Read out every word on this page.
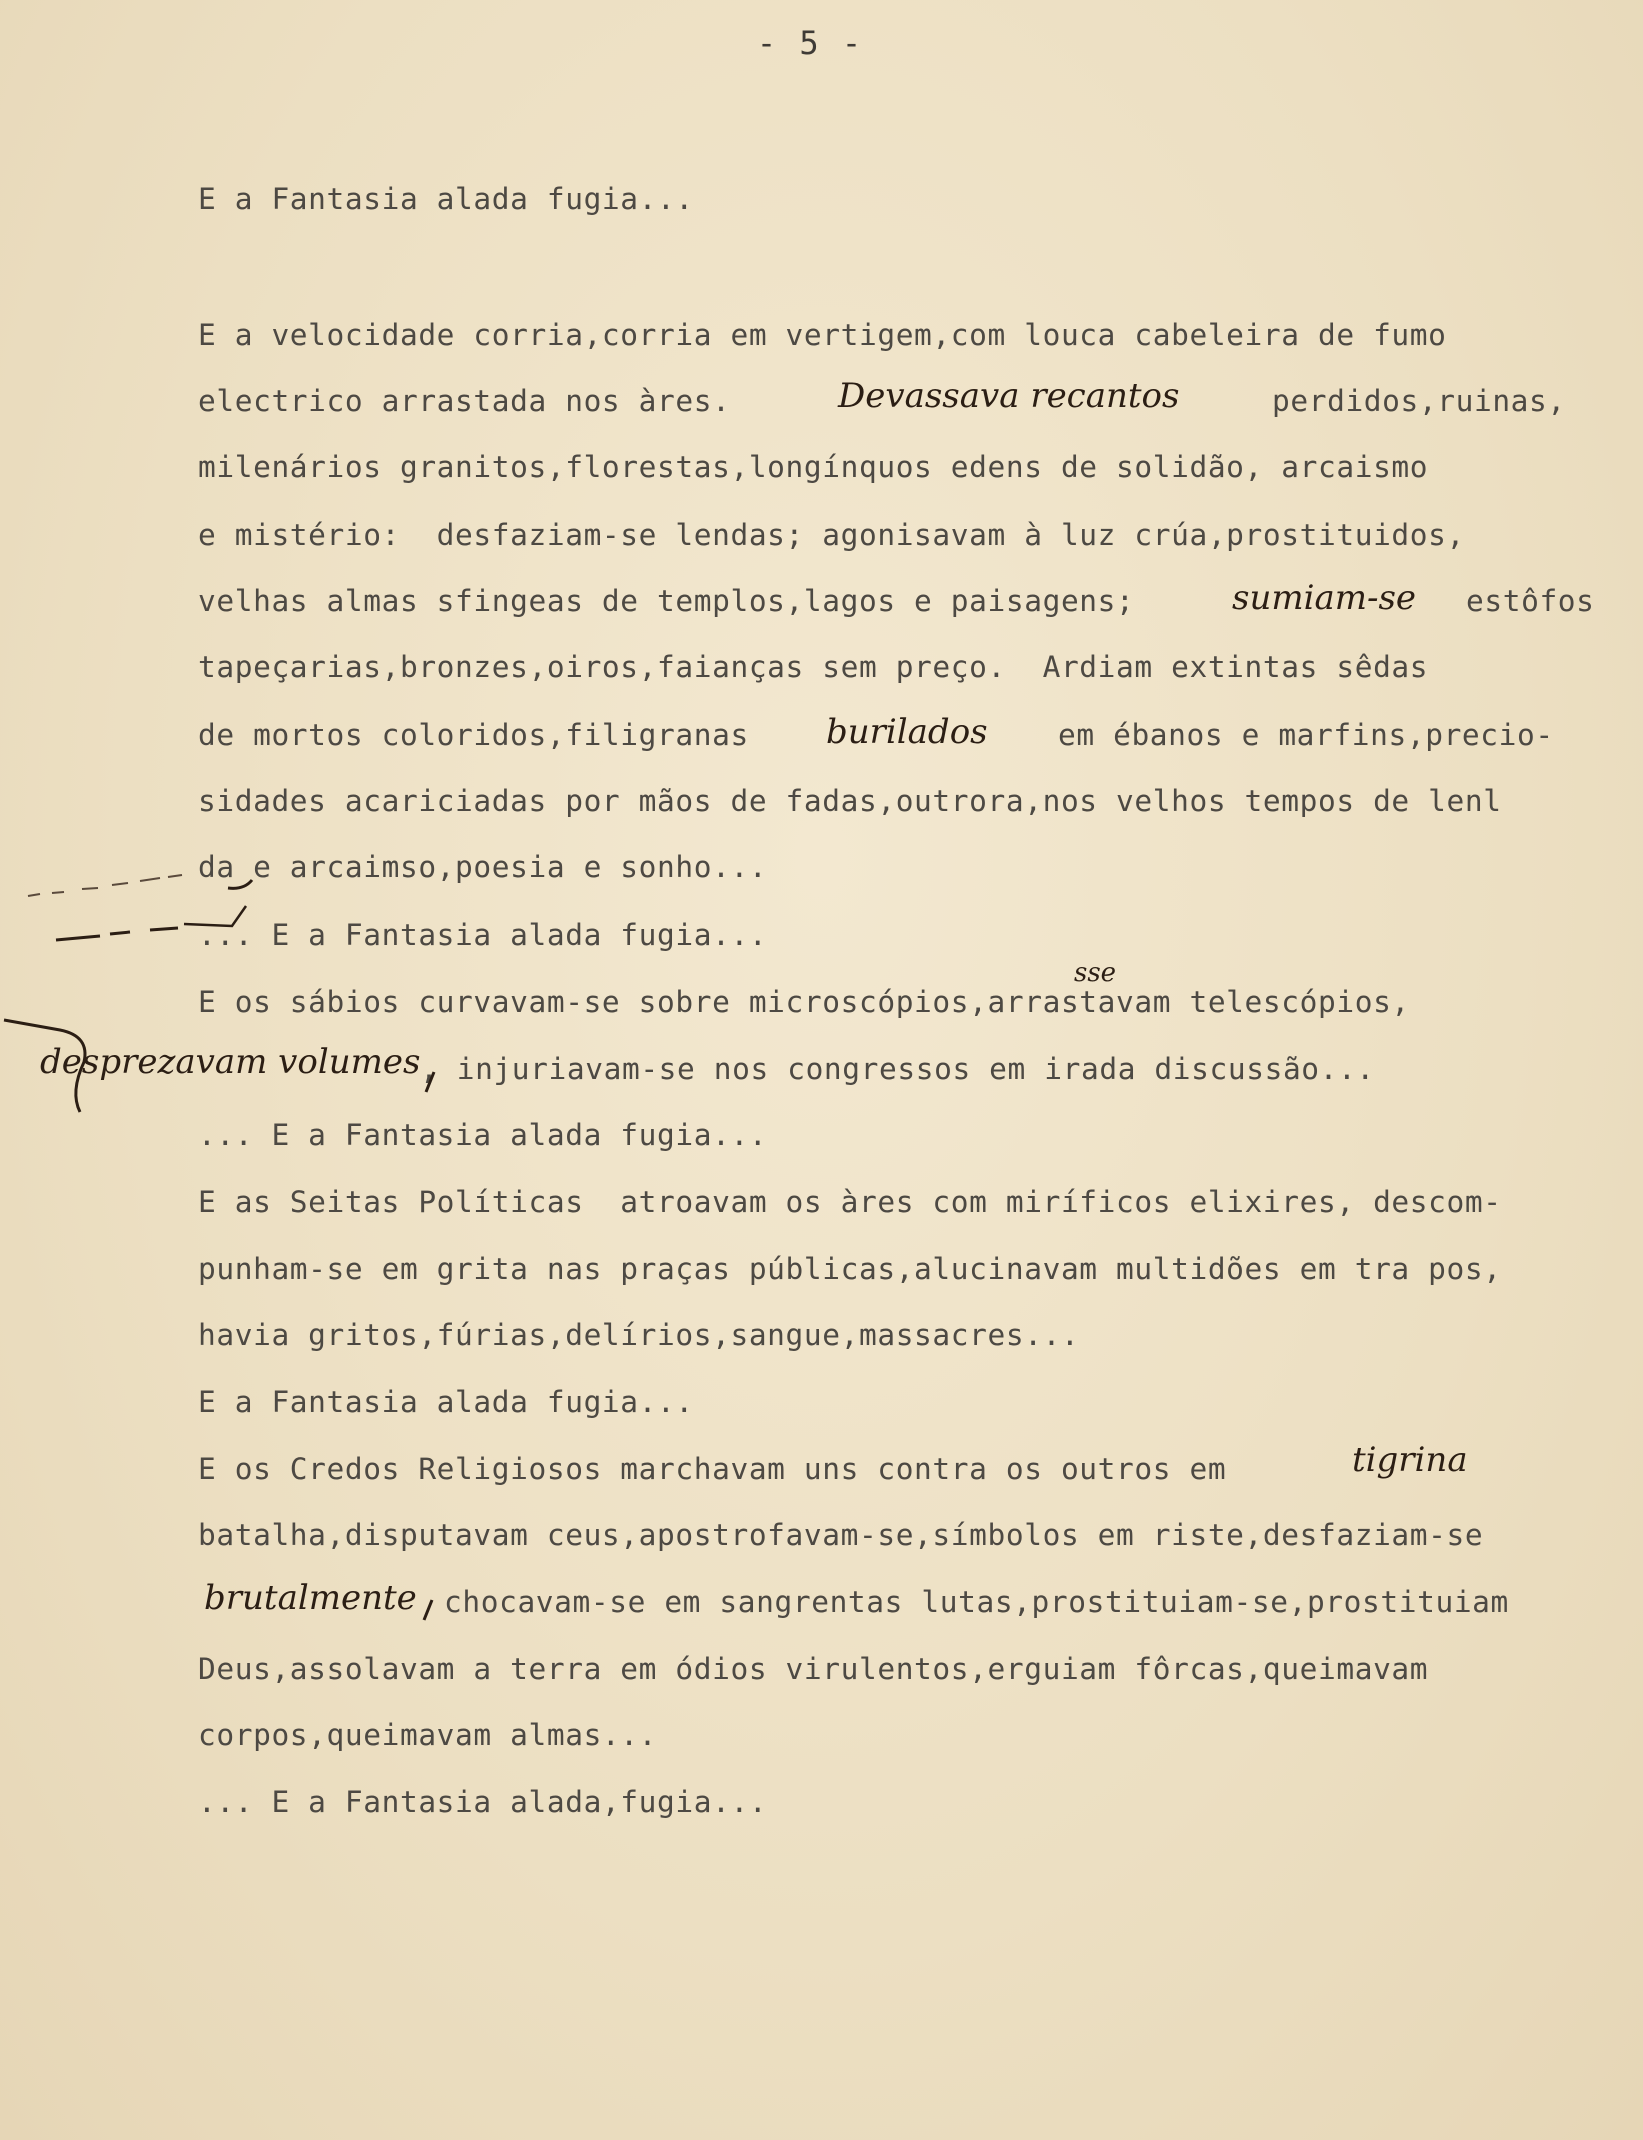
- 5 -
E a Fantasia alada fugia...
E a velocidade corria,corria em vertigem,com louca cabeleira de fumo
electrico arrastada nos àres.	Devassava recantos	perdidos,ruinas,
milenários granitos,florestas,longínquos edens de solidão, arcaismo
e mistério:  desfaziam-se lendas; agonisavam à luz crúa,prostituidos,
velhas almas sfingeas de templos,lagos e paisagens;	sumiam-se estôfos
tapeçarias,bronzes,oiros,faianças sem preço.  Ardiam extintas sêdas
de mortos coloridos,filigranas burilados em ébanos e marfins,precio-
sidades acariciadas por mãos de fadas,outrora,nos velhos tempos de lenl
da e arcaimso,poesia e sonho...
... E a Fantasia alada fugia...
sse
E os sábios curvavam-se sobre microscópios,arrastavam telescópios,
desprezavam volumes , injuriavam-se nos congressos em irada discussão...
... E a Fantasia alada fugia...
E as Seitas Políticas  atroavam os àres com miríficos elixires, descom-
punham-se em grita nas praças públicas,alucinavam multidões em tra pos,
havia gritos,fúrias,delírios,sangue,massacres...
E a Fantasia alada fugia...
E os Credos Religiosos marchavam uns contra os outros em	tigrina
batalha,disputavam ceus,apostrofavam-se,símbolos em riste,desfaziam-se
brutalmente chocavam-se em sangrentas lutas,prostituiam-se,prostituiam
Deus,assolavam a terra em ódios virulentos,erguiam fôrcas,queimavam
corpos,queimavam almas...
... E a Fantasia alada,fugia...
